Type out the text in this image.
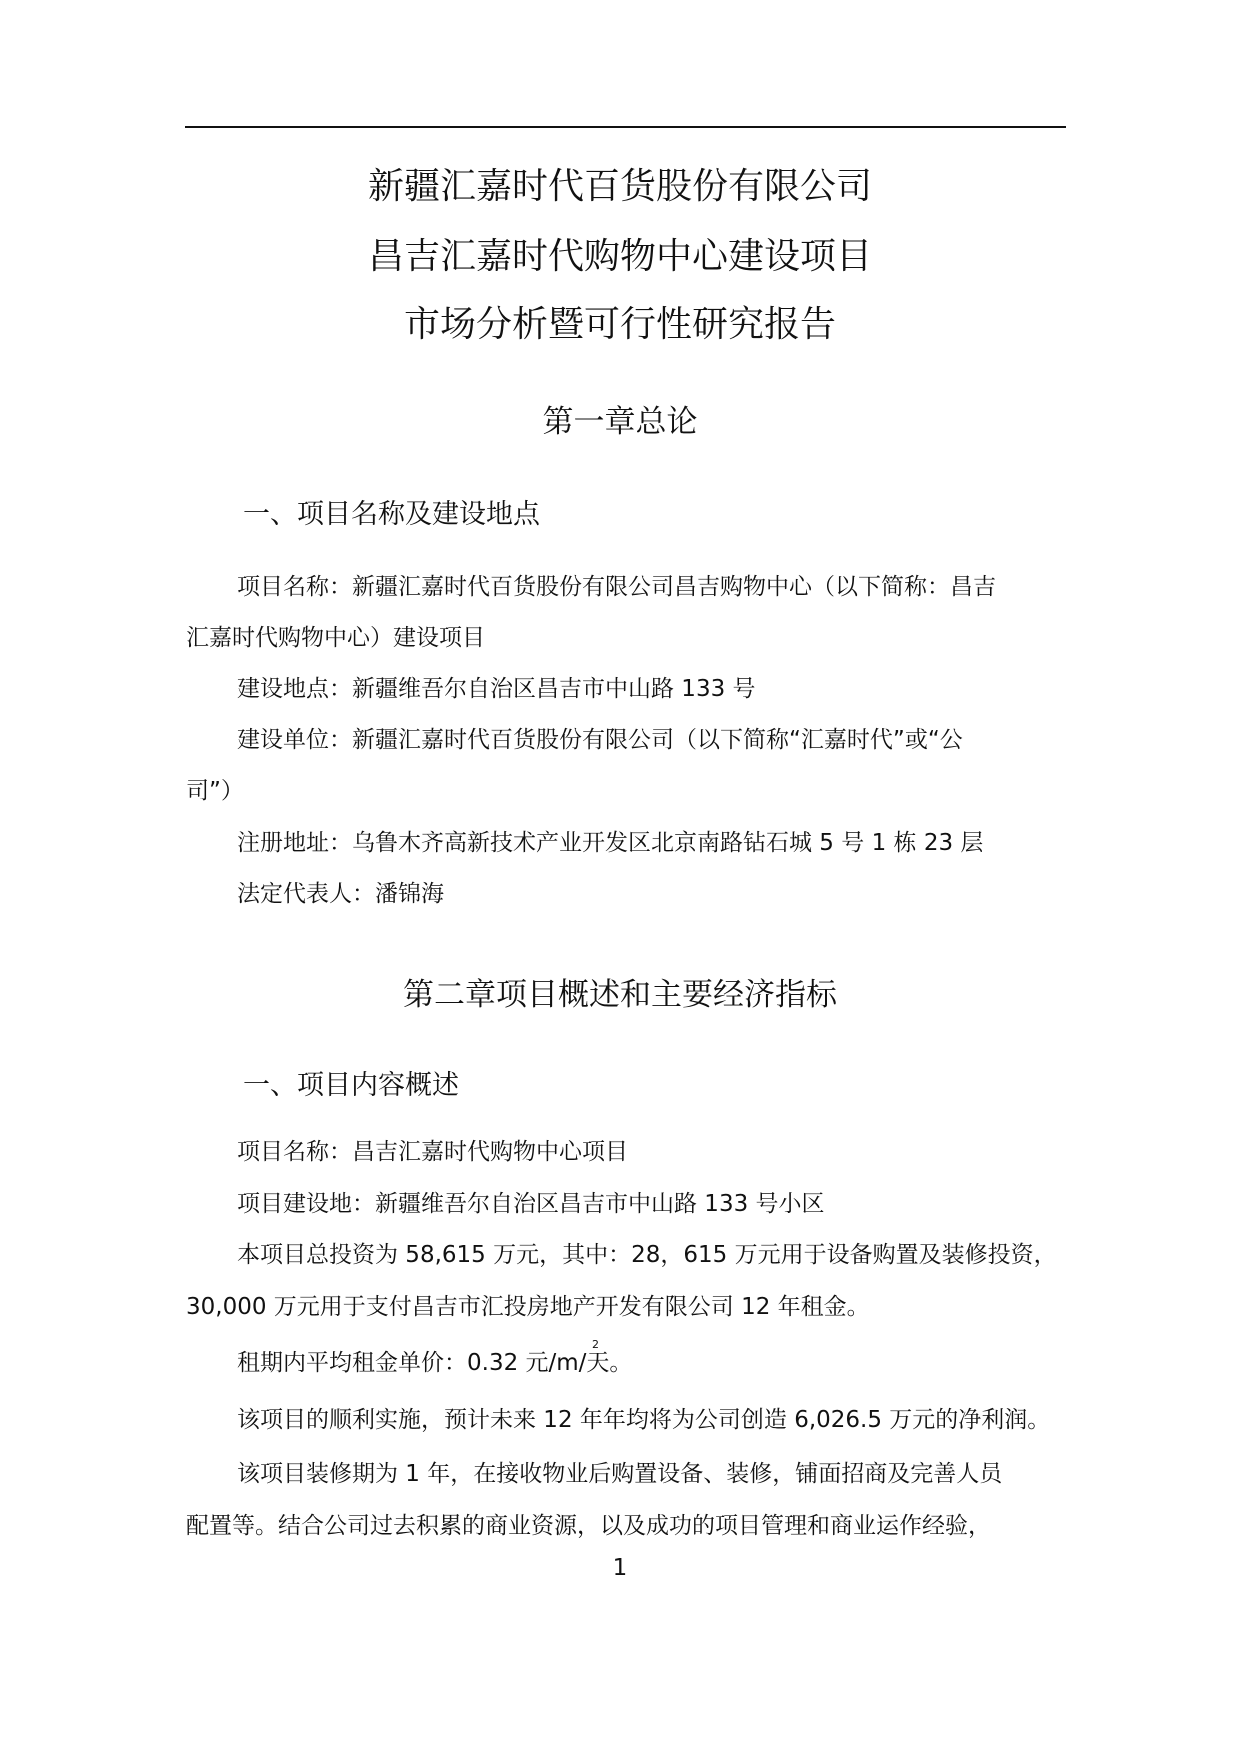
新疆汇嘉时代百货股份有限公司
昌吉汇嘉时代购物中心建设项目
市场分析暨可行性研究报告
第一章总论
一、项目名称及建设地点
项目名称：新疆汇嘉时代百货股份有限公司昌吉购物中心（以下简称：昌吉
汇嘉时代购物中心）建设项目
建设地点：新疆维吾尔自治区昌吉市中山路 133 号
建设单位：新疆汇嘉时代百货股份有限公司（以下简称“汇嘉时代”或“公
司”）
注册地址：乌鲁木齐高新技术产业开发区北京南路钻石城 5 号 1 栋 23 层
法定代表人：潘锦海
第二章项目概述和主要经济指标
一、项目内容概述
项目名称：昌吉汇嘉时代购物中心项目
项目建设地：新疆维吾尔自治区昌吉市中山路 133 号小区
本项目总投资为 58,615 万元，其中：28，615 万元用于设备购置及装修投资，
30,000 万元用于支付昌吉市汇投房地产开发有限公司 12 年租金。
2
租期内平均租金单价：0.32 元/m/天。
该项目的顺利实施，预计未来 12 年年均将为公司创造 6,026.5 万元的净利润。
该项目装修期为 1 年，在接收物业后购置设备、装修，铺面招商及完善人员
配置等。结合公司过去积累的商业资源，以及成功的项目管理和商业运作经验，
1
